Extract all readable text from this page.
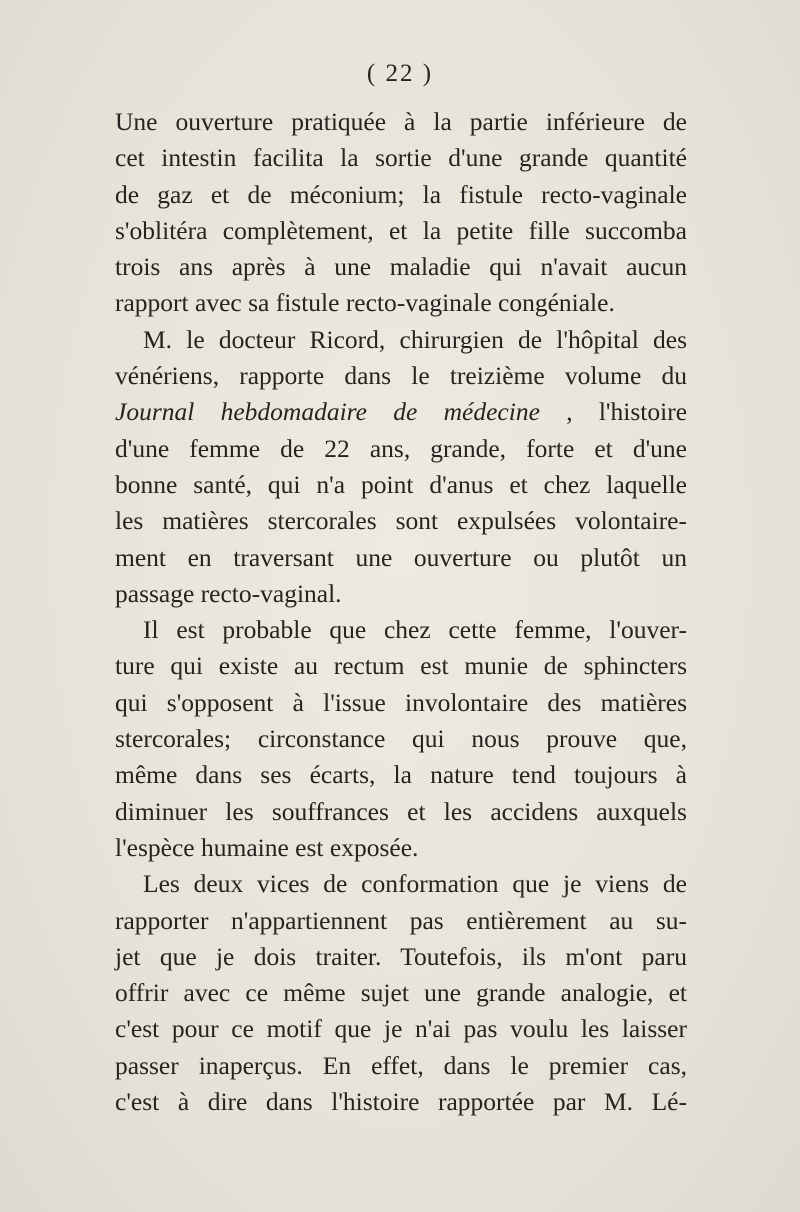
( 22 )
Une ouverture pratiquée à la partie inférieure de
cet intestin facilita la sortie d'une grande quantité
de gaz et de méconium; la fistule recto-vaginale
s'oblitéra complètement, et la petite fille succomba
trois ans après à une maladie qui n'avait aucun
rapport avec sa fistule recto-vaginale congéniale.
M. le docteur Ricord, chirurgien de l'hôpital des
vénériens, rapporte dans le treizième volume du
Journal hebdomadaire de médecine , l'histoire
d'une femme de 22 ans, grande, forte et d'une
bonne santé, qui n'a point d'anus et chez laquelle
les matières stercorales sont expulsées volontaire-
ment en traversant une ouverture ou plutôt un
passage recto-vaginal.
Il est probable que chez cette femme, l'ouver-
ture qui existe au rectum est munie de sphincters
qui s'opposent à l'issue involontaire des matières
stercorales; circonstance qui nous prouve que,
même dans ses écarts, la nature tend toujours à
diminuer les souffrances et les accidens auxquels
l'espèce humaine est exposée.
Les deux vices de conformation que je viens de
rapporter n'appartiennent pas entièrement au su-
jet que je dois traiter. Toutefois, ils m'ont paru
offrir avec ce même sujet une grande analogie, et
c'est pour ce motif que je n'ai pas voulu les laisser
passer inaperçus. En effet, dans le premier cas,
c'est à dire dans l'histoire rapportée par M. Lé-
